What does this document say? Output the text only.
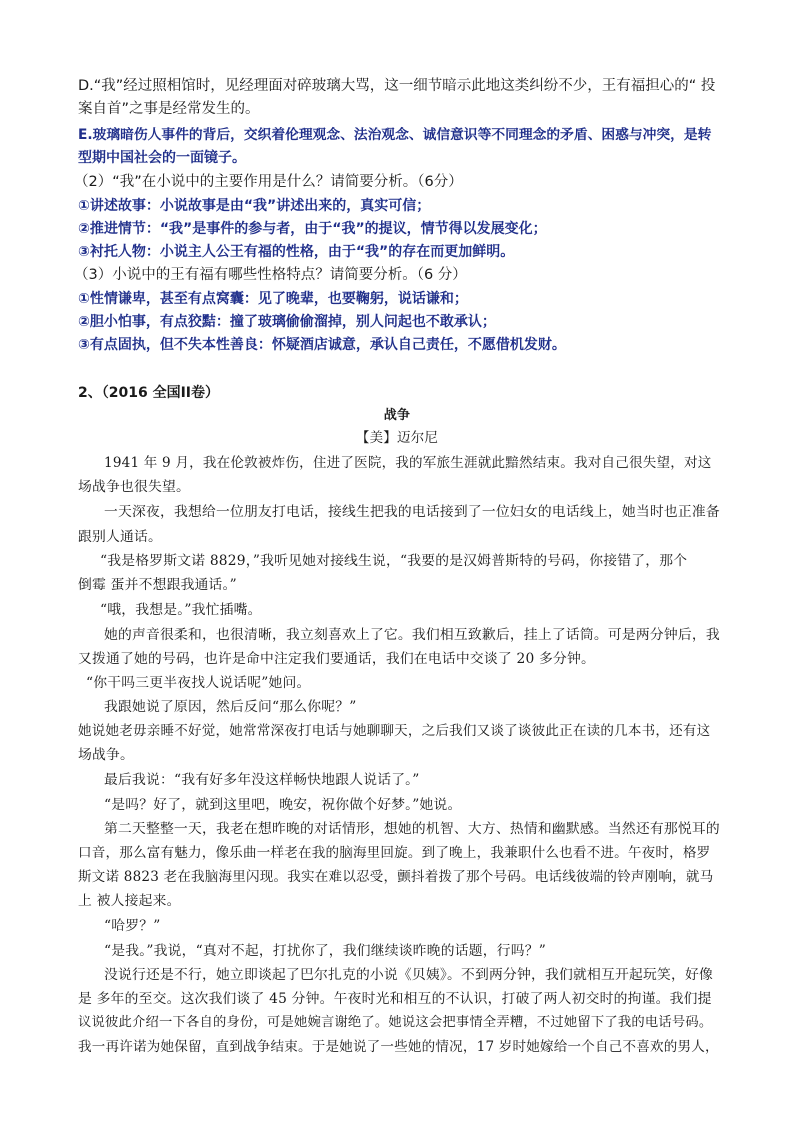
D.“我”经过照相馆时，见经理面对碎玻璃大骂，这一细节暗示此地这类纠纷不少，王有福担心的“ 投
案自首”之事是经常发生的。
E.玻璃暗伤人事件的背后，交织着伦理观念、法治观念、诚信意识等不同理念的矛盾、困惑与冲突，是转
型期中国社会的一面镜子。
（2）“我”在小说中的主要作用是什么？请简要分析。（6分）
①讲述故事：小说故事是由“我”讲述出来的，真实可信；
②推进情节：“我”是事件的参与者，由于“我”的提议，情节得以发展变化；
③衬托人物：小说主人公王有福的性格，由于“我”的存在而更加鲜明。
（3）小说中的王有福有哪些性格特点？请简要分析。（6 分）
①性情谦卑，甚至有点窝囊：见了晚辈，也要鞠躬，说话谦和；
②胆小怕事，有点狡黠：撞了玻璃偷偷溜掉，别人问起也不敢承认；
③有点固执，但不失本性善良：怀疑酒店诚意，承认自己责任，不愿借机发财。
2、（2016 全国II卷）
战争
【美】迈尔尼
1941 年 9 月，我在伦敦被炸伤，住进了医院，我的军旅生涯就此黯然结束。我对自己很失望，对这
场战争也很失望。
一天深夜，我想给一位朋友打电话，接线生把我的电话接到了一位妇女的电话线上，她当时也正准备
跟别人通话。
“我是格罗斯文诺 8829，”我听见她对接线生说，“我要的是汉姆普斯特的号码，你接错了，那个
倒霉 蛋并不想跟我通话。”
“哦，我想是。”我忙插嘴。
她的声音很柔和，也很清晰，我立刻喜欢上了它。我们相互致歉后，挂上了话筒。可是两分钟后，我
又拨通了她的号码，也许是命中注定我们要通话，我们在电话中交谈了 20 多分钟。
“你干吗三更半夜找人说话呢”她问。
我跟她说了原因，然后反问“那么你呢？”
她说她老毋亲睡不好觉，她常常深夜打电话与她聊聊天，之后我们又谈了谈彼此正在读的几本书，还有这
场战争。
最后我说：“我有好多年没这样畅快地跟人说话了。”
“是吗？好了，就到这里吧，晚安，祝你做个好梦。”她说。
第二天整整一天，我老在想昨晚的对话情形，想她的机智、大方、热情和幽默感。当然还有那悦耳的
口音，那么富有魅力，像乐曲一样老在我的脑海里回旋。到了晚上，我兼职什么也看不进。午夜时，格罗
斯文诺 8823 老在我脑海里闪现。我实在难以忍受，颤抖着拨了那个号码。电话线彼端的铃声刚响，就马
上 被人接起来。
“哈罗？”
“是我。”我说，“真对不起，打扰你了，我们继续谈昨晚的话题，行吗？”
没说行还是不行，她立即谈起了巴尔扎克的小说《贝姨》。不到两分钟，我们就相互开起玩笑，好像
是 多年的至交。这次我们谈了 45 分钟。午夜时光和相互的不认识，打破了两人初交时的拘谨。我们提
议说彼此介绍一下各自的身份，可是她婉言谢绝了。她说这会把事情全弄糟，不过她留下了我的电话号码。
我一再许诺为她保留，直到战争结束。于是她说了一些她的情况，17 岁时她嫁给一个自己不喜欢的男人，
